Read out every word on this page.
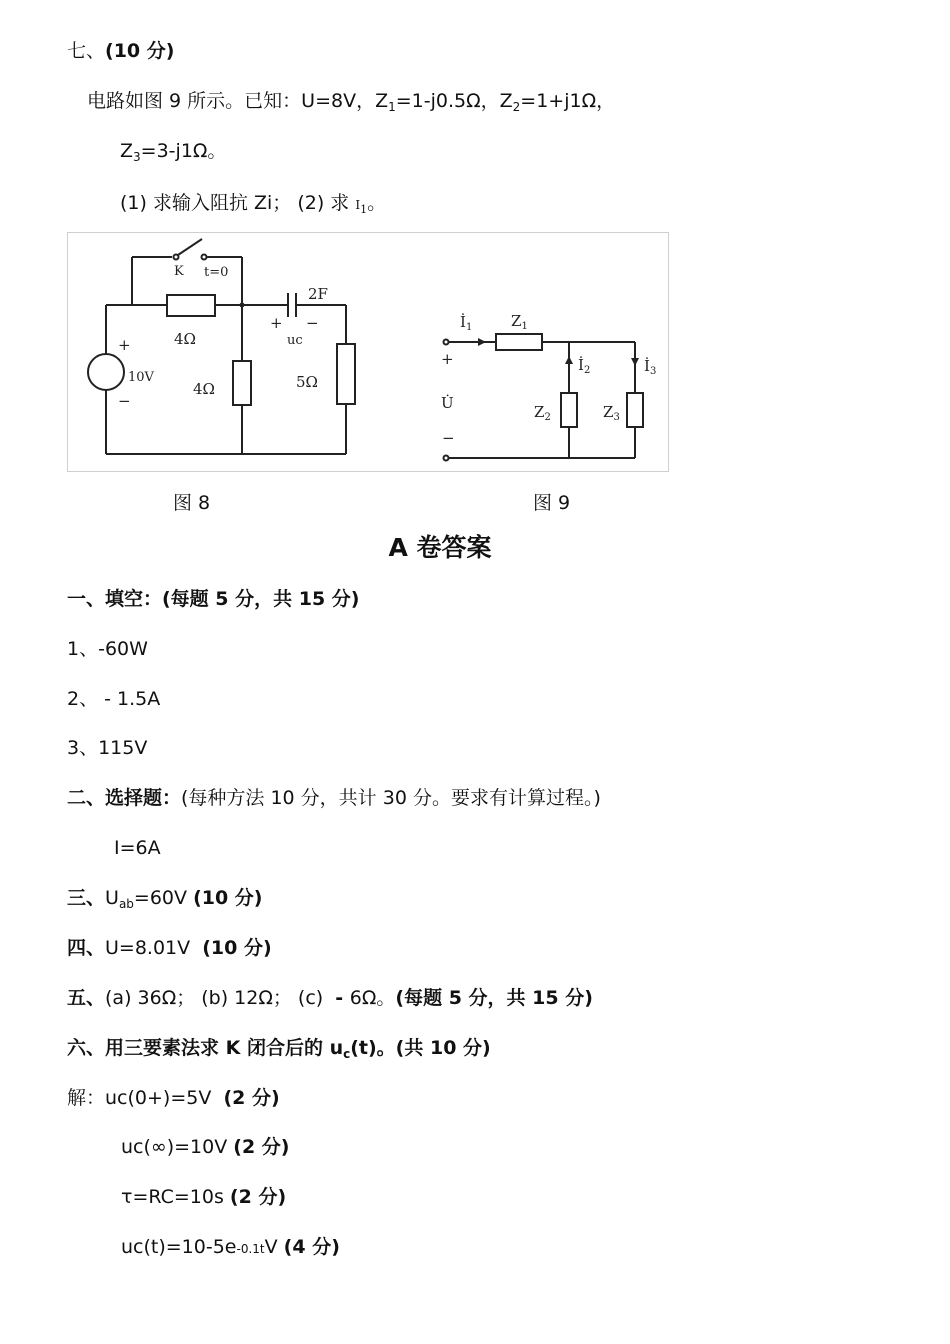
七、(10 分)
电路如图 9 所示。已知：U=8V，$Z_1=1-j0.5\Omega$，$Z_2=1+j1\Omega$，
$Z_3=3-j1\Omega$。
(1) 求输入阻抗 Zi； (2) 求 $I_1$。
K t=0
2F
+ −
uc
4Ω
4Ω	5Ω
+
−
10V
$İ_1$	$Z_1$
$İ_2$	$İ_3$
$Z_2$	$Z_3$
+
U̇
−
图 8	图 9
A 卷答案
一、填空：(每题 5 分，共 15 分)
1、-60W
2、 - 1.5A
3、115V
二、选择题：(每种方法 10 分，共计 30 分。要求有计算过程。)
I=6A
三、$U_{ab}=60V$ (10 分)
四、U=8.01V  (10 分)
五、(a) 36Ω； (b) 12Ω； (c)  - 6Ω。(每题 5 分，共 15 分)
六、用三要素法求 K 闭合后的 $u_c(t)$。(共 10 分)
解：uc(0+)=5V  (2 分)
uc(∞)=10V (2 分)
τ=RC=10s (2 分)
uc(t)=10-5e-0.1tV (4 分)
